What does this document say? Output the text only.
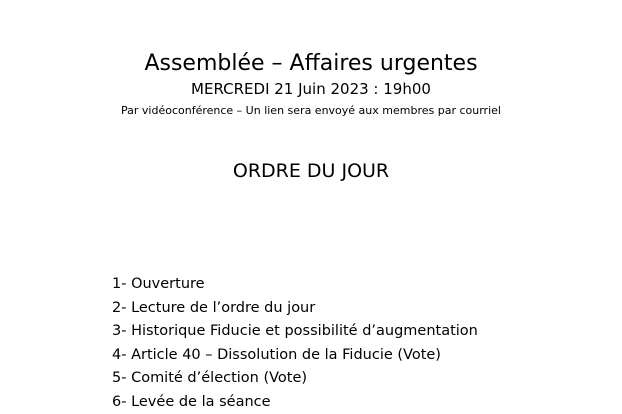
Assemblée – Affaires urgentes
MERCREDI 21 Juin 2023 : 19h00
Par vidéoconférence – Un lien sera envoyé aux membres par courriel
ORDRE DU JOUR
1- Ouverture
2- Lecture de l’ordre du jour
3- Historique Fiducie et possibilité d’augmentation
4- Article 40 – Dissolution de la Fiducie (Vote)
5- Comité d’élection (Vote)
6- Levée de la séance
